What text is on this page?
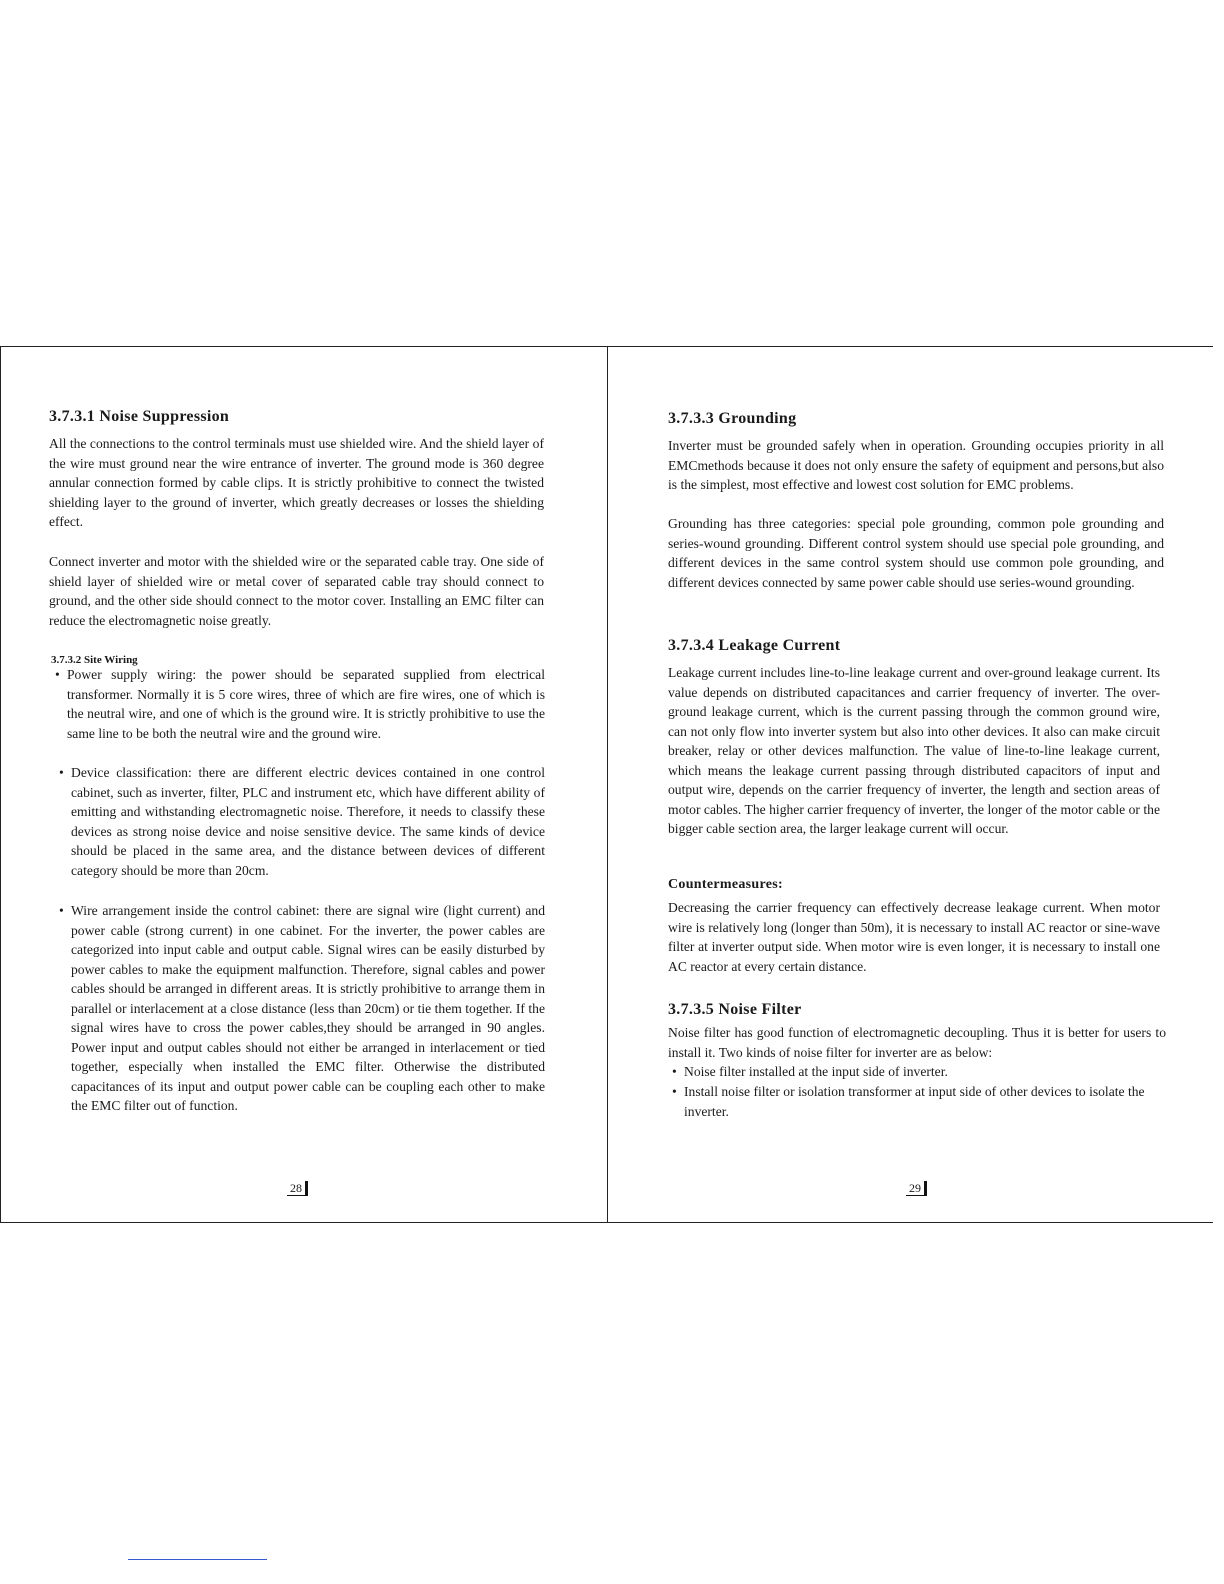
3.7.3.1 Noise Suppression

All the connections to the control terminals must use shielded wire. And the shield layer of the wire must ground near the wire entrance of inverter. The ground mode is 360 degree annular connection formed by cable clips. It is strictly prohibitive to connect the twisted shielding layer to the ground of inverter, which greatly decreases or losses the shielding effect.

Connect inverter and motor with the shielded wire or the separated cable tray. One side of shield layer of shielded wire or metal cover of separated cable tray should connect to ground, and the other side should connect to the motor cover. Installing an EMC filter can reduce the electromagnetic noise greatly.

3.7.3.2 Site Wiring
• Power supply wiring: the power should be separated supplied from electrical transformer. Normally it is 5 core wires, three of which are fire wires, one of which is the neutral wire, and one of which is the ground wire. It is strictly prohibitive to use the same line to be both the neutral wire and the ground wire.
• Device classification: there are different electric devices contained in one control cabinet, such as inverter, filter, PLC and instrument etc, which have different ability of emitting and withstanding electromagnetic noise. Therefore, it needs to classify these devices as strong noise device and noise sensitive device. The same kinds of device should be placed in the same area, and the distance between devices of different category should be more than 20cm.
• Wire arrangement inside the control cabinet: there are signal wire (light current) and power cable (strong current) in one cabinet. For the inverter, the power cables are categorized into input cable and output cable. Signal wires can be easily disturbed by power cables to make the equipment malfunction. Therefore, signal cables and power cables should be arranged in different areas. It is strictly prohibitive to arrange them in parallel or interlacement at a close distance (less than 20cm) or tie them together. If the signal wires have to cross the power cables,they should be arranged in 90 angles. Power input and output cables should not either be arranged in interlacement or tied together, especially when installed the EMC filter. Otherwise the distributed capacitances of its input and output power cable can be coupling each other to make the EMC filter out of function.
28
3.7.3.3 Grounding

Inverter must be grounded safely when in operation. Grounding occupies priority in all EMCmethods because it does not only ensure the safety of equipment and persons,but also is the simplest, most effective and lowest cost solution for EMC problems.

Grounding has three categories: special pole grounding, common pole grounding and series-wound grounding. Different control system should use special pole grounding, and different devices in the same control system should use common pole grounding, and different devices connected by same power cable should use series-wound grounding.

3.7.3.4 Leakage Current

Leakage current includes line-to-line leakage current and over-ground leakage current. Its value depends on distributed capacitances and carrier frequency of inverter. The over-ground leakage current, which is the current passing through the common ground wire, can not only flow into inverter system but also into other devices. It also can make circuit breaker, relay or other devices malfunction. The value of line-to-line leakage current, which means the leakage current passing through distributed capacitors of input and output wire, depends on the carrier frequency of inverter, the length and section areas of motor cables. The higher carrier frequency of inverter, the longer of the motor cable or the bigger cable section area, the larger leakage current will occur.

Countermeasures:

Decreasing the carrier frequency can effectively decrease leakage current. When motor wire is relatively long (longer than 50m), it is necessary to install AC reactor or sine-wave filter at inverter output side. When motor wire is even longer, it is necessary to install one AC reactor at every certain distance.

3.7.3.5 Noise Filter

Noise filter has good function of electromagnetic decoupling. Thus it is better for users to install it. Two kinds of noise filter for inverter are as below:

• Noise filter installed at the input side of inverter.
• Install noise filter or isolation transformer at input side of other devices to isolate the inverter.
29
